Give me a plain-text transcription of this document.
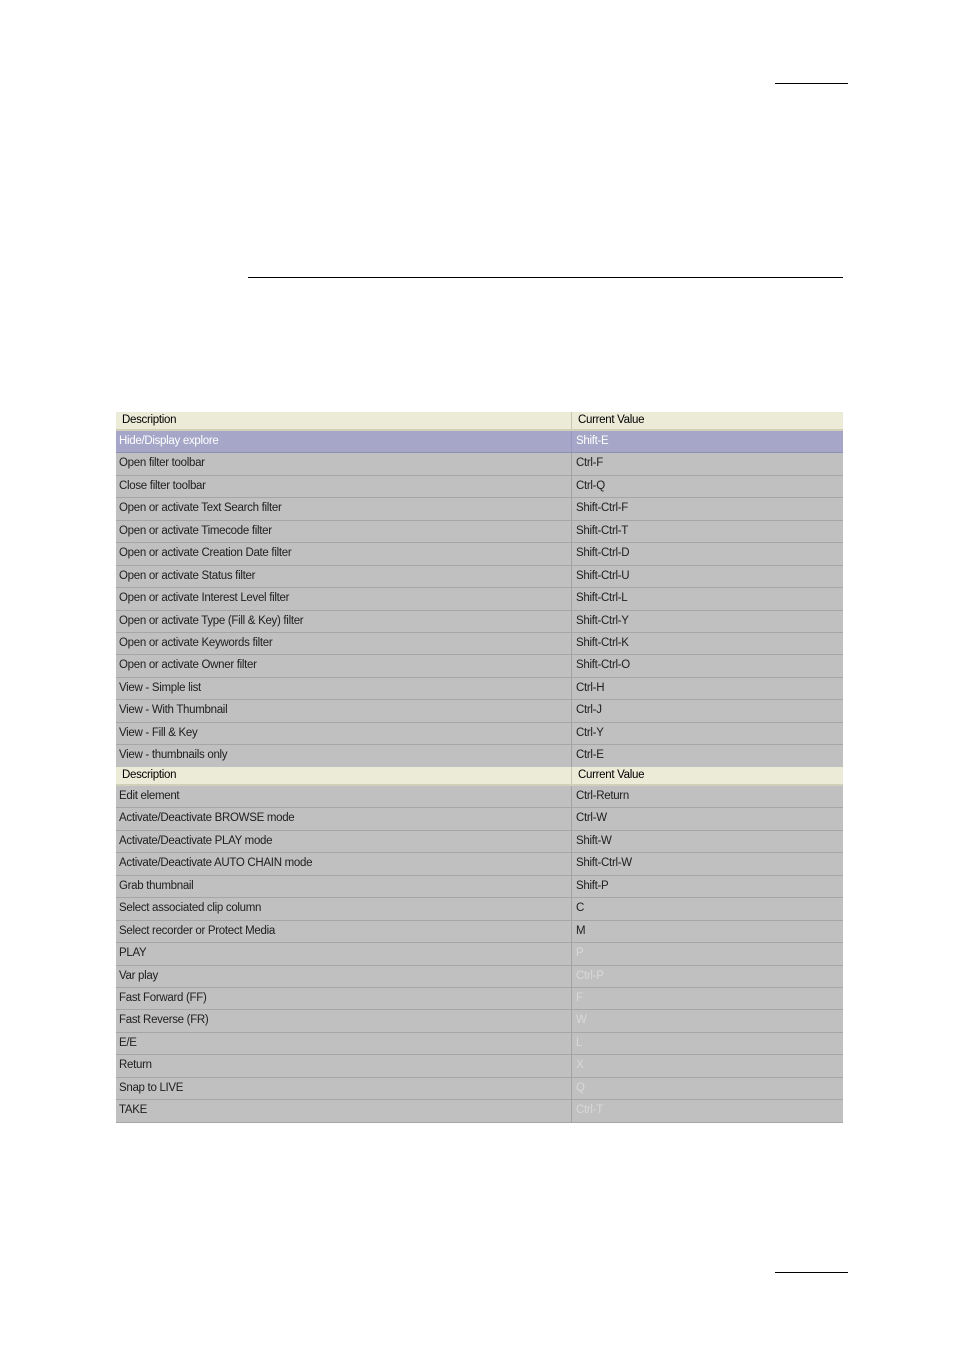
Description	Current Value
Hide/Display explore	Shift-E
Open filter toolbar	Ctrl-F
Close filter toolbar	Ctrl-Q
Open or activate Text Search filter	Shift-Ctrl-F
Open or activate Timecode filter	Shift-Ctrl-T
Open or activate Creation Date filter	Shift-Ctrl-D
Open or activate Status filter	Shift-Ctrl-U
Open or activate Interest Level filter	Shift-Ctrl-L
Open or activate Type (Fill & Key) filter	Shift-Ctrl-Y
Open or activate Keywords filter	Shift-Ctrl-K
Open or activate Owner filter	Shift-Ctrl-O
View - Simple list	Ctrl-H
View - With Thumbnail	Ctrl-J
View - Fill & Key	Ctrl-Y
View - thumbnails only	Ctrl-E
Description	Current Value
Edit element	Ctrl-Return
Activate/Deactivate BROWSE mode	Ctrl-W
Activate/Deactivate PLAY mode	Shift-W
Activate/Deactivate AUTO CHAIN mode	Shift-Ctrl-W
Grab thumbnail	Shift-P
Select associated clip column	C
Select recorder or Protect Media	M
PLAY	P
Var play	Ctrl-P
Fast Forward (FF)	F
Fast Reverse (FR)	W
E/E	L
Return	X
Snap to LIVE	Q
TAKE	Ctrl-T
